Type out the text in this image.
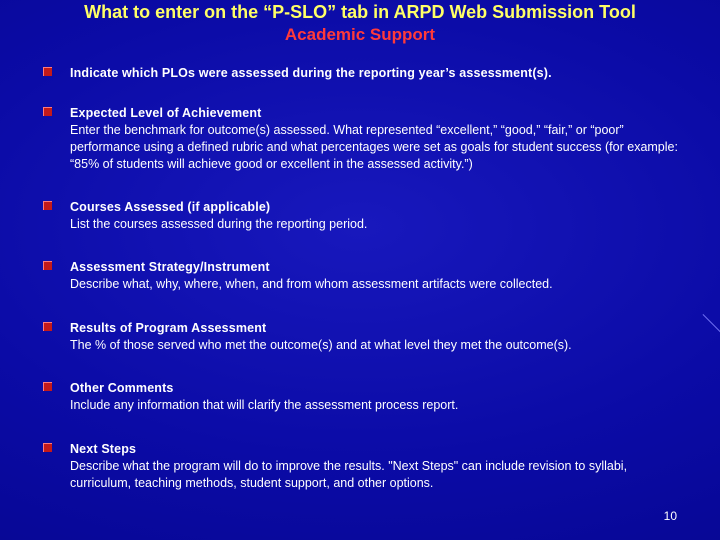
What to enter on the “P-SLO” tab in ARPD Web Submission Tool
Academic Support
Indicate which PLOs were assessed during the reporting year’s assessment(s).
Expected Level of Achievement
Enter the benchmark for outcome(s) assessed. What represented “excellent,” “good,” “fair,” or “poor” performance using a defined rubric and what percentages were set as goals for student success (for example: “85% of students will achieve good or excellent in the assessed activity.”)
Courses Assessed (if applicable)
List the courses assessed during the reporting period.
Assessment Strategy/Instrument
Describe what, why, where, when, and from whom assessment artifacts were collected.
Results of Program Assessment
The % of those served who met the outcome(s) and at what level they met the outcome(s).
Other Comments
Include any information that will clarify the assessment process report.
Next Steps
Describe what the program will do to improve the results. "Next Steps" can include revision to syllabi, curriculum, teaching methods, student support, and other options.
10
